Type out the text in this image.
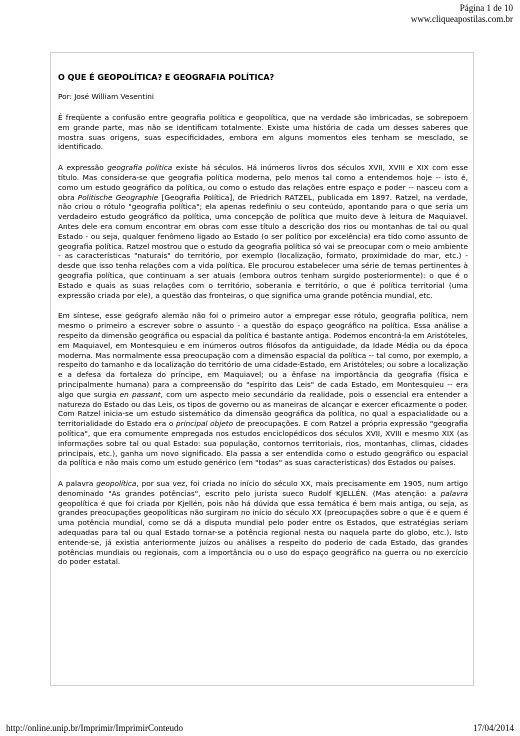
Página 1 de 10
www.cliqueapostilas.com.br
O QUE É GEOPOLÍTICA? E GEOGRAFIA POLÍTICA?
Por: José William Vesentini

É freqüente a confusão entre geografia política e geopolítica, que na verdade são imbricadas, se sobrepoem em grande parte, mas não se identificam totalmente. Existe uma história de cada um desses saberes que mostra suas origens, suas especificidades, embora em alguns momentos eles tenham se mesclado, se identificado.

A expressão geografia política existe há séculos. Há inúmeros livros dos séculos XVII, XVIII e XIX com esse título. Mas considera-se que geografia política moderna, pelo menos tal como a entendemos hoje -- isto é, como um estudo geográfico da política, ou como o estudo das relações entre espaço e poder -- nasceu com a obra Politische Geographie [Geografia Política], de Friedrich RATZEL, publicada em 1897. Ratzel, na verdade, não criou o rótulo "geografia política"; ela apenas redefiniu o seu conteúdo, apontando para o que seria um verdadeiro estudo geográfico da política, uma concepção de política que muito deve à leitura de Maquiavel. Antes dele era comum encontrar em obras com esse título a descrição dos rios ou montanhas de tal ou qual Estado - ou seja, qualquer fenômeno ligado ao Estado (o ser político por excelência) era tido como assunto de geografia política. Ratzel mostrou que o estudo da geografia política só vai se preocupar com o meio ambiente - as características "naturais" do território, por exemplo (localização, formato, proximidade do mar, etc.) - desde que isso tenha relações com a vida política. Ele procurou estabelecer uma série de temas pertinentes à geografia política, que continuam a ser atuais (embora outros tenham surgido posteriormente): o que é o Estado e quais as suas relações com o território, soberania e território, o que é política territorial (uma expressão criada por ele), a questão das fronteiras, o que significa uma grande potência mundial, etc.

Em síntese, esse geógrafo alemão não foi o primeiro autor a empregar esse rótulo, geografia política, nem mesmo o primeiro a escrever sobre o assunto - a questão do espaço geográfico na política. Essa análise a respeito da dimensão geográfica ou espacial da política é bastante antiga. Podemos encontrá-la em Aristóteles, em Maquiavel, em Montesquieu e em inúmeros outros filósofos da antiguidade, da Idade Média ou da época moderna. Mas normalmente essa preocupação com a dimensão espacial da política -- tal como, por exemplo, a respeito do tamanho e da localização do território de uma cidade-Estado, em Aristóteles; ou sobre a localização e a defesa da fortaleza do príncipe, em Maquiavel; ou a ênfase na importância da geografia (física e principalmente humana) para a compreensão do "espírito das Leis" de cada Estado, em Montesquieu -- era algo que surgia en passant, com um aspecto meio secundário da realidade, pois o essencial era entender a natureza do Estado ou das Leis, os tipos de governo ou as maneiras de alcançar e exercer eficazmente o poder. Com Ratzel inicia-se um estudo sistemático da dimensão geográfica da política, no qual a espacialidade ou a territorialidade do Estado era o principal objeto de preocupações. E com Ratzel a própria expressão "geografia política", que era comumente empregada nos estudos enciclopédicos dos séculos XVII, XVIII e mesmo XIX (as informações sobre tal ou qual Estado: sua população, contornos territoriais, rios, montanhas, climas, cidades principais, etc.), ganha um novo significado. Ela passa a ser entendida como o estudo geográfico ou espacial da política e não mais como um estudo genérico (em "todas" as suas características) dos Estados ou países.

A palavra geopolítica, por sua vez, foi criada no início do século XX, mais precisamente em 1905, num artigo denominado "As grandes potências", escrito pelo jurista sueco Rudolf KJELLÉN. (Mas atenção: a palavra geopolítica é que foi criada por Kjellén, pois não há dúvida que essa temática é bem mais antiga, ou seja, as grandes preocupações geopolíticas não surgiram no início do século XX (preocupações sobre o que é e quem é uma potência mundial, como se dá a disputa mundial pelo poder entre os Estados, que estratégias seriam adequadas para tal ou qual Estado tornar-se a potência regional nesta ou naquela parte do globo, etc.). Isto entende-se, já existia anteriormente juízos ou análises a respeito do poderio de cada Estado, das grandes potências mundiais ou regionais, com a importância ou o uso do espaço geográfico na guerra ou no exercício do poder estatal.

http://online.unip.br/Imprimir/ImprimirConteudo	17/04/2014
